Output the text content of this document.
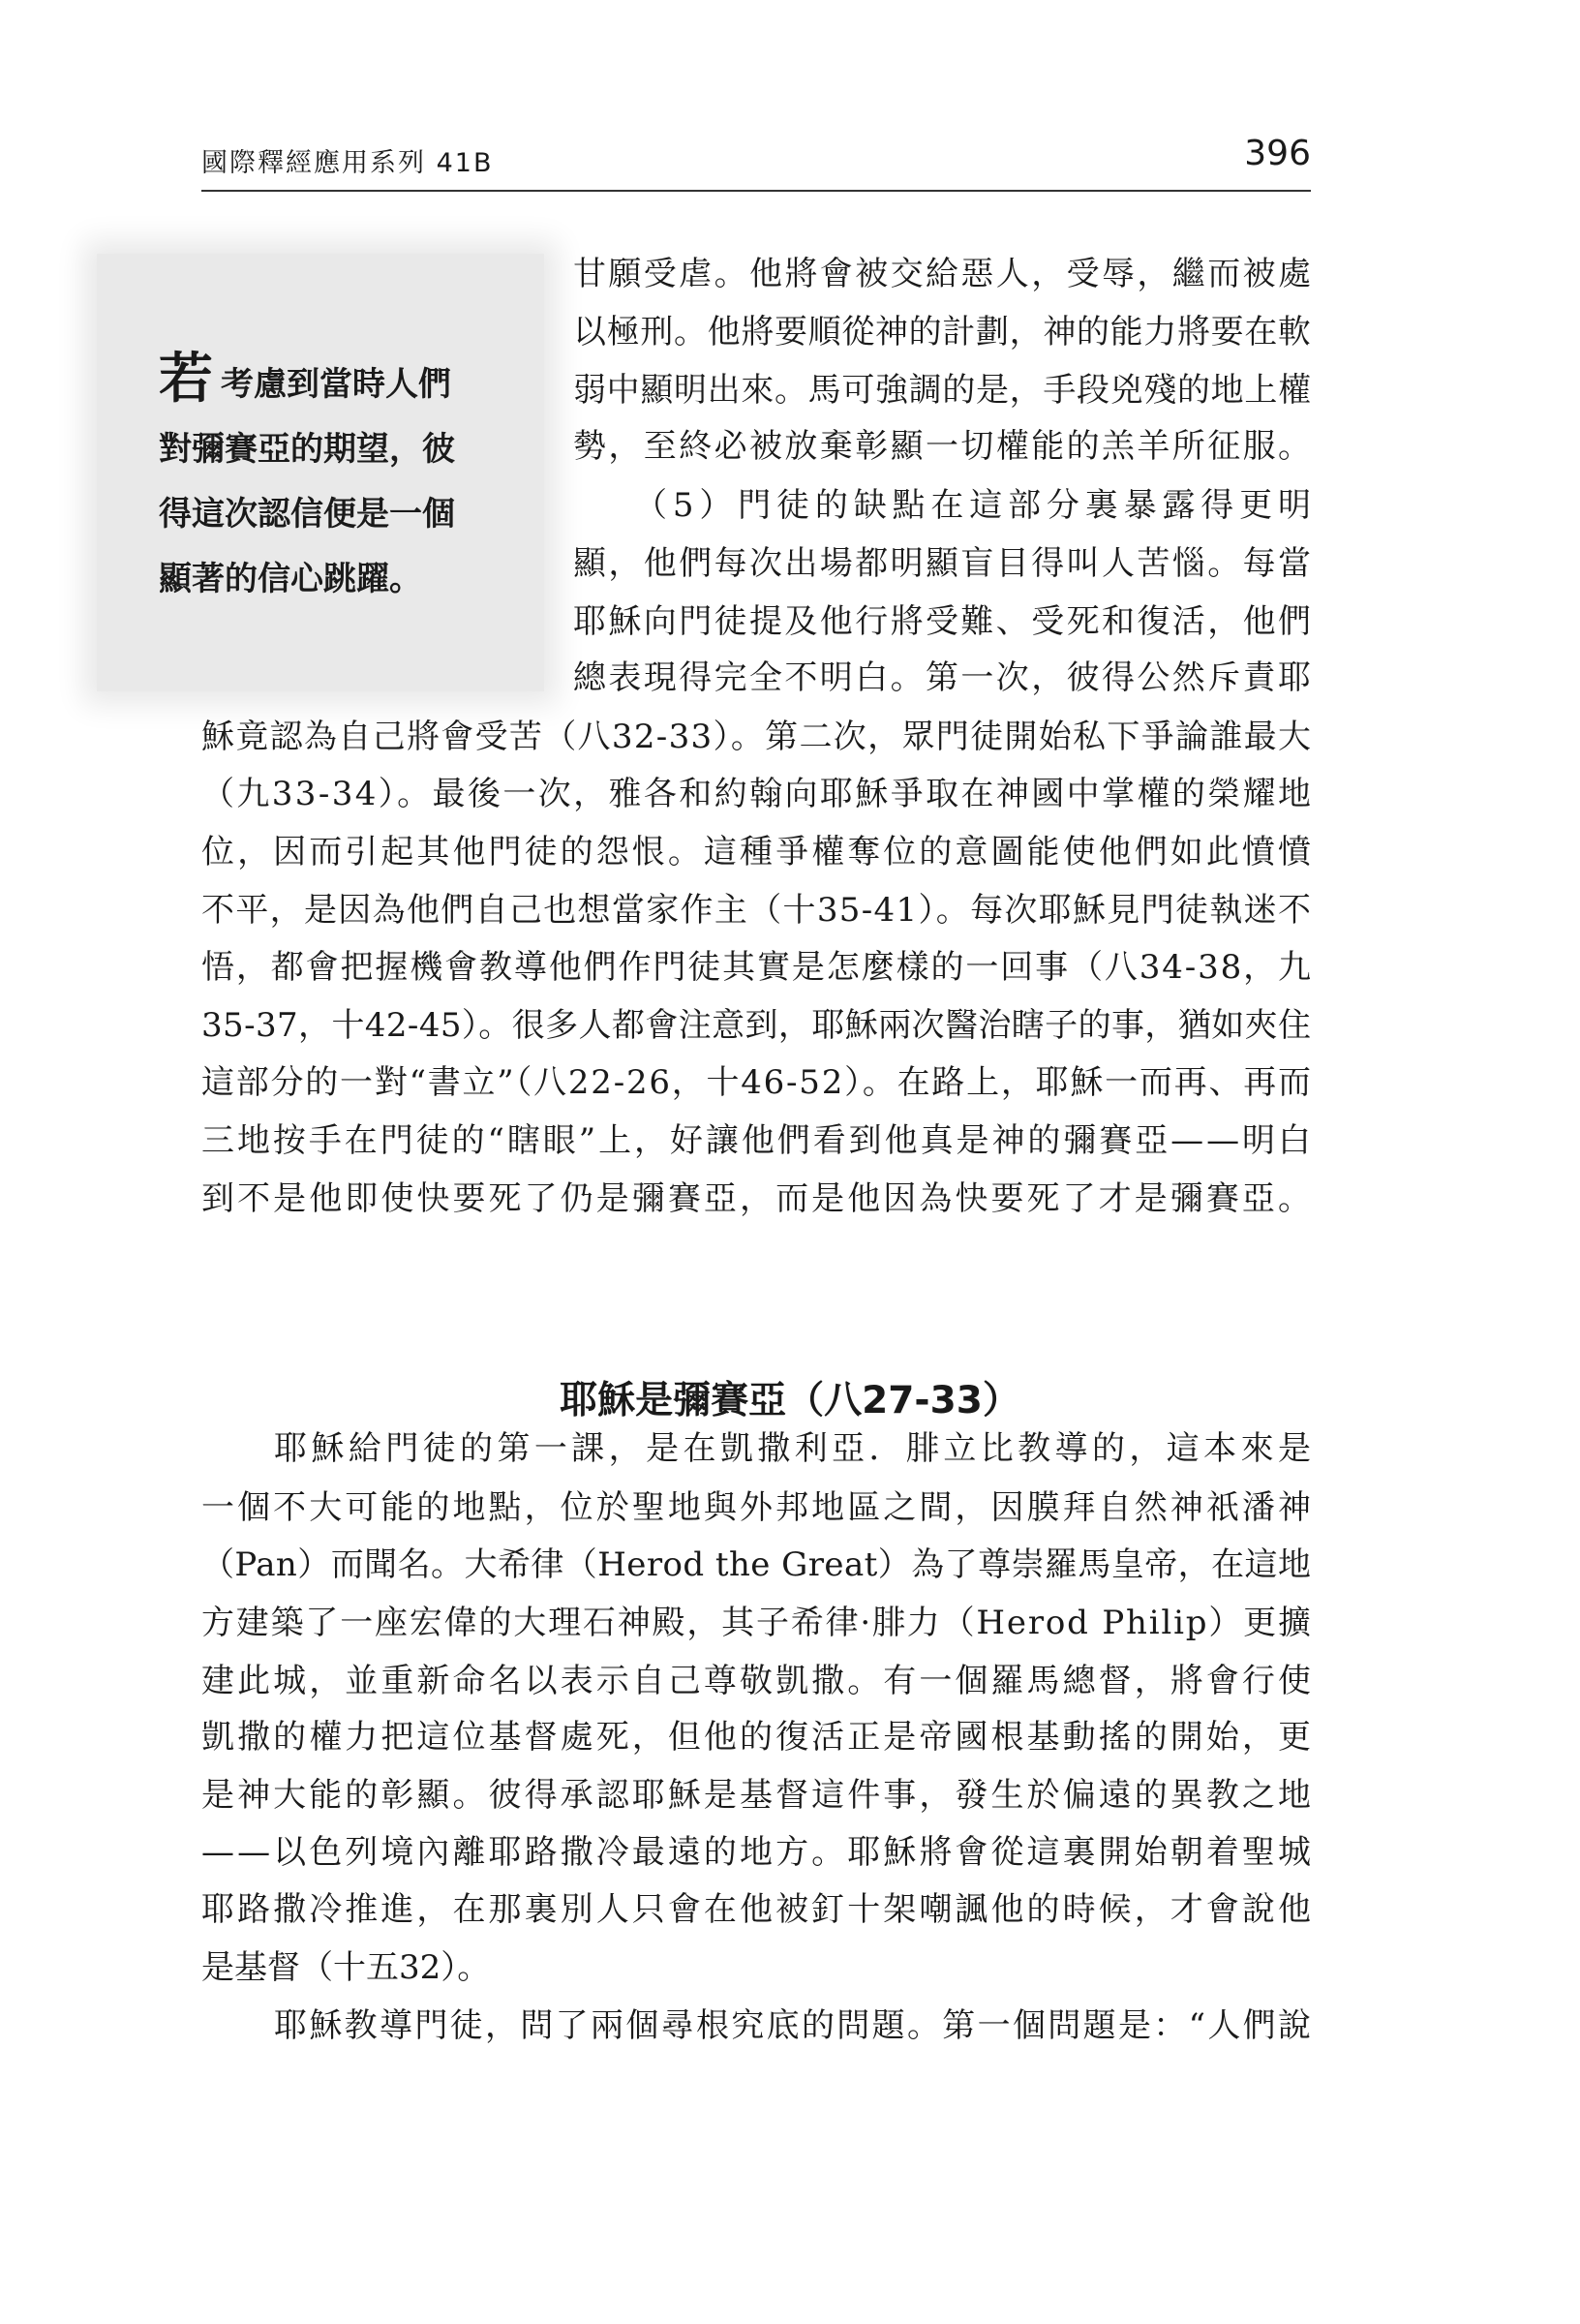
國際釋經應用系列 41B	396
若考慮到當時人們
對彌賽亞的期望，彼
得這次認信便是一個
顯著的信心跳躍。
耶穌是彌賽亞（八27-33）
甘願受虐。他將會被交給惡人，受辱，繼而被處
以極刑。他將要順從神的計劃，神的能力將要在軟
弱中顯明出來。馬可強調的是，手段兇殘的地上權
勢，至終必被放棄彰顯一切權能的羔羊所征服。
（5）門徒的缺點在這部分裏暴露得更明
顯，他們每次出場都明顯盲目得叫人苦惱。每當
耶穌向門徒提及他行將受難、受死和復活，他們
總表現得完全不明白。第一次，彼得公然斥責耶
穌竟認為自己將會受苦（八32-33）。第二次，眾門徒開始私下爭論誰最大
（九33-34）。最後一次，雅各和約翰向耶穌爭取在神國中掌權的榮耀地
位，因而引起其他門徒的怨恨。這種爭權奪位的意圖能使他們如此憤憤
不平，是因為他們自己也想當家作主（十35-41）。每次耶穌見門徒執迷不
悟，都會把握機會教導他們作門徒其實是怎麼樣的一回事（八34-38，九
35-37，十42-45）。很多人都會注意到，耶穌兩次醫治瞎子的事，猶如夾住
這部分的一對“書立”（八22-26，十46-52）。在路上，耶穌一而再、再而
三地按手在門徒的“瞎眼”上，好讓他們看到他真是神的彌賽亞——明白
到不是他即使快要死了仍是彌賽亞，而是他因為快要死了才是彌賽亞。
耶穌給門徒的第一課，是在凱撒利亞．腓立比教導的，這本來是
一個不大可能的地點，位於聖地與外邦地區之間，因膜拜自然神祇潘神
（Pan）而聞名。大希律（Herod the Great）為了尊崇羅馬皇帝，在這地
方建築了一座宏偉的大理石神殿，其子希律·腓力（Herod Philip）更擴
建此城，並重新命名以表示自己尊敬凱撒。有一個羅馬總督，將會行使
凱撒的權力把這位基督處死，但他的復活正是帝國根基動搖的開始，更
是神大能的彰顯。彼得承認耶穌是基督這件事，發生於偏遠的異教之地
——以色列境內離耶路撒冷最遠的地方。耶穌將會從這裏開始朝着聖城
耶路撒冷推進，在那裏別人只會在他被釘十架嘲諷他的時候，才會說他
是基督（十五32）。
耶穌教導門徒，問了兩個尋根究底的問題。第一個問題是：“人們說
